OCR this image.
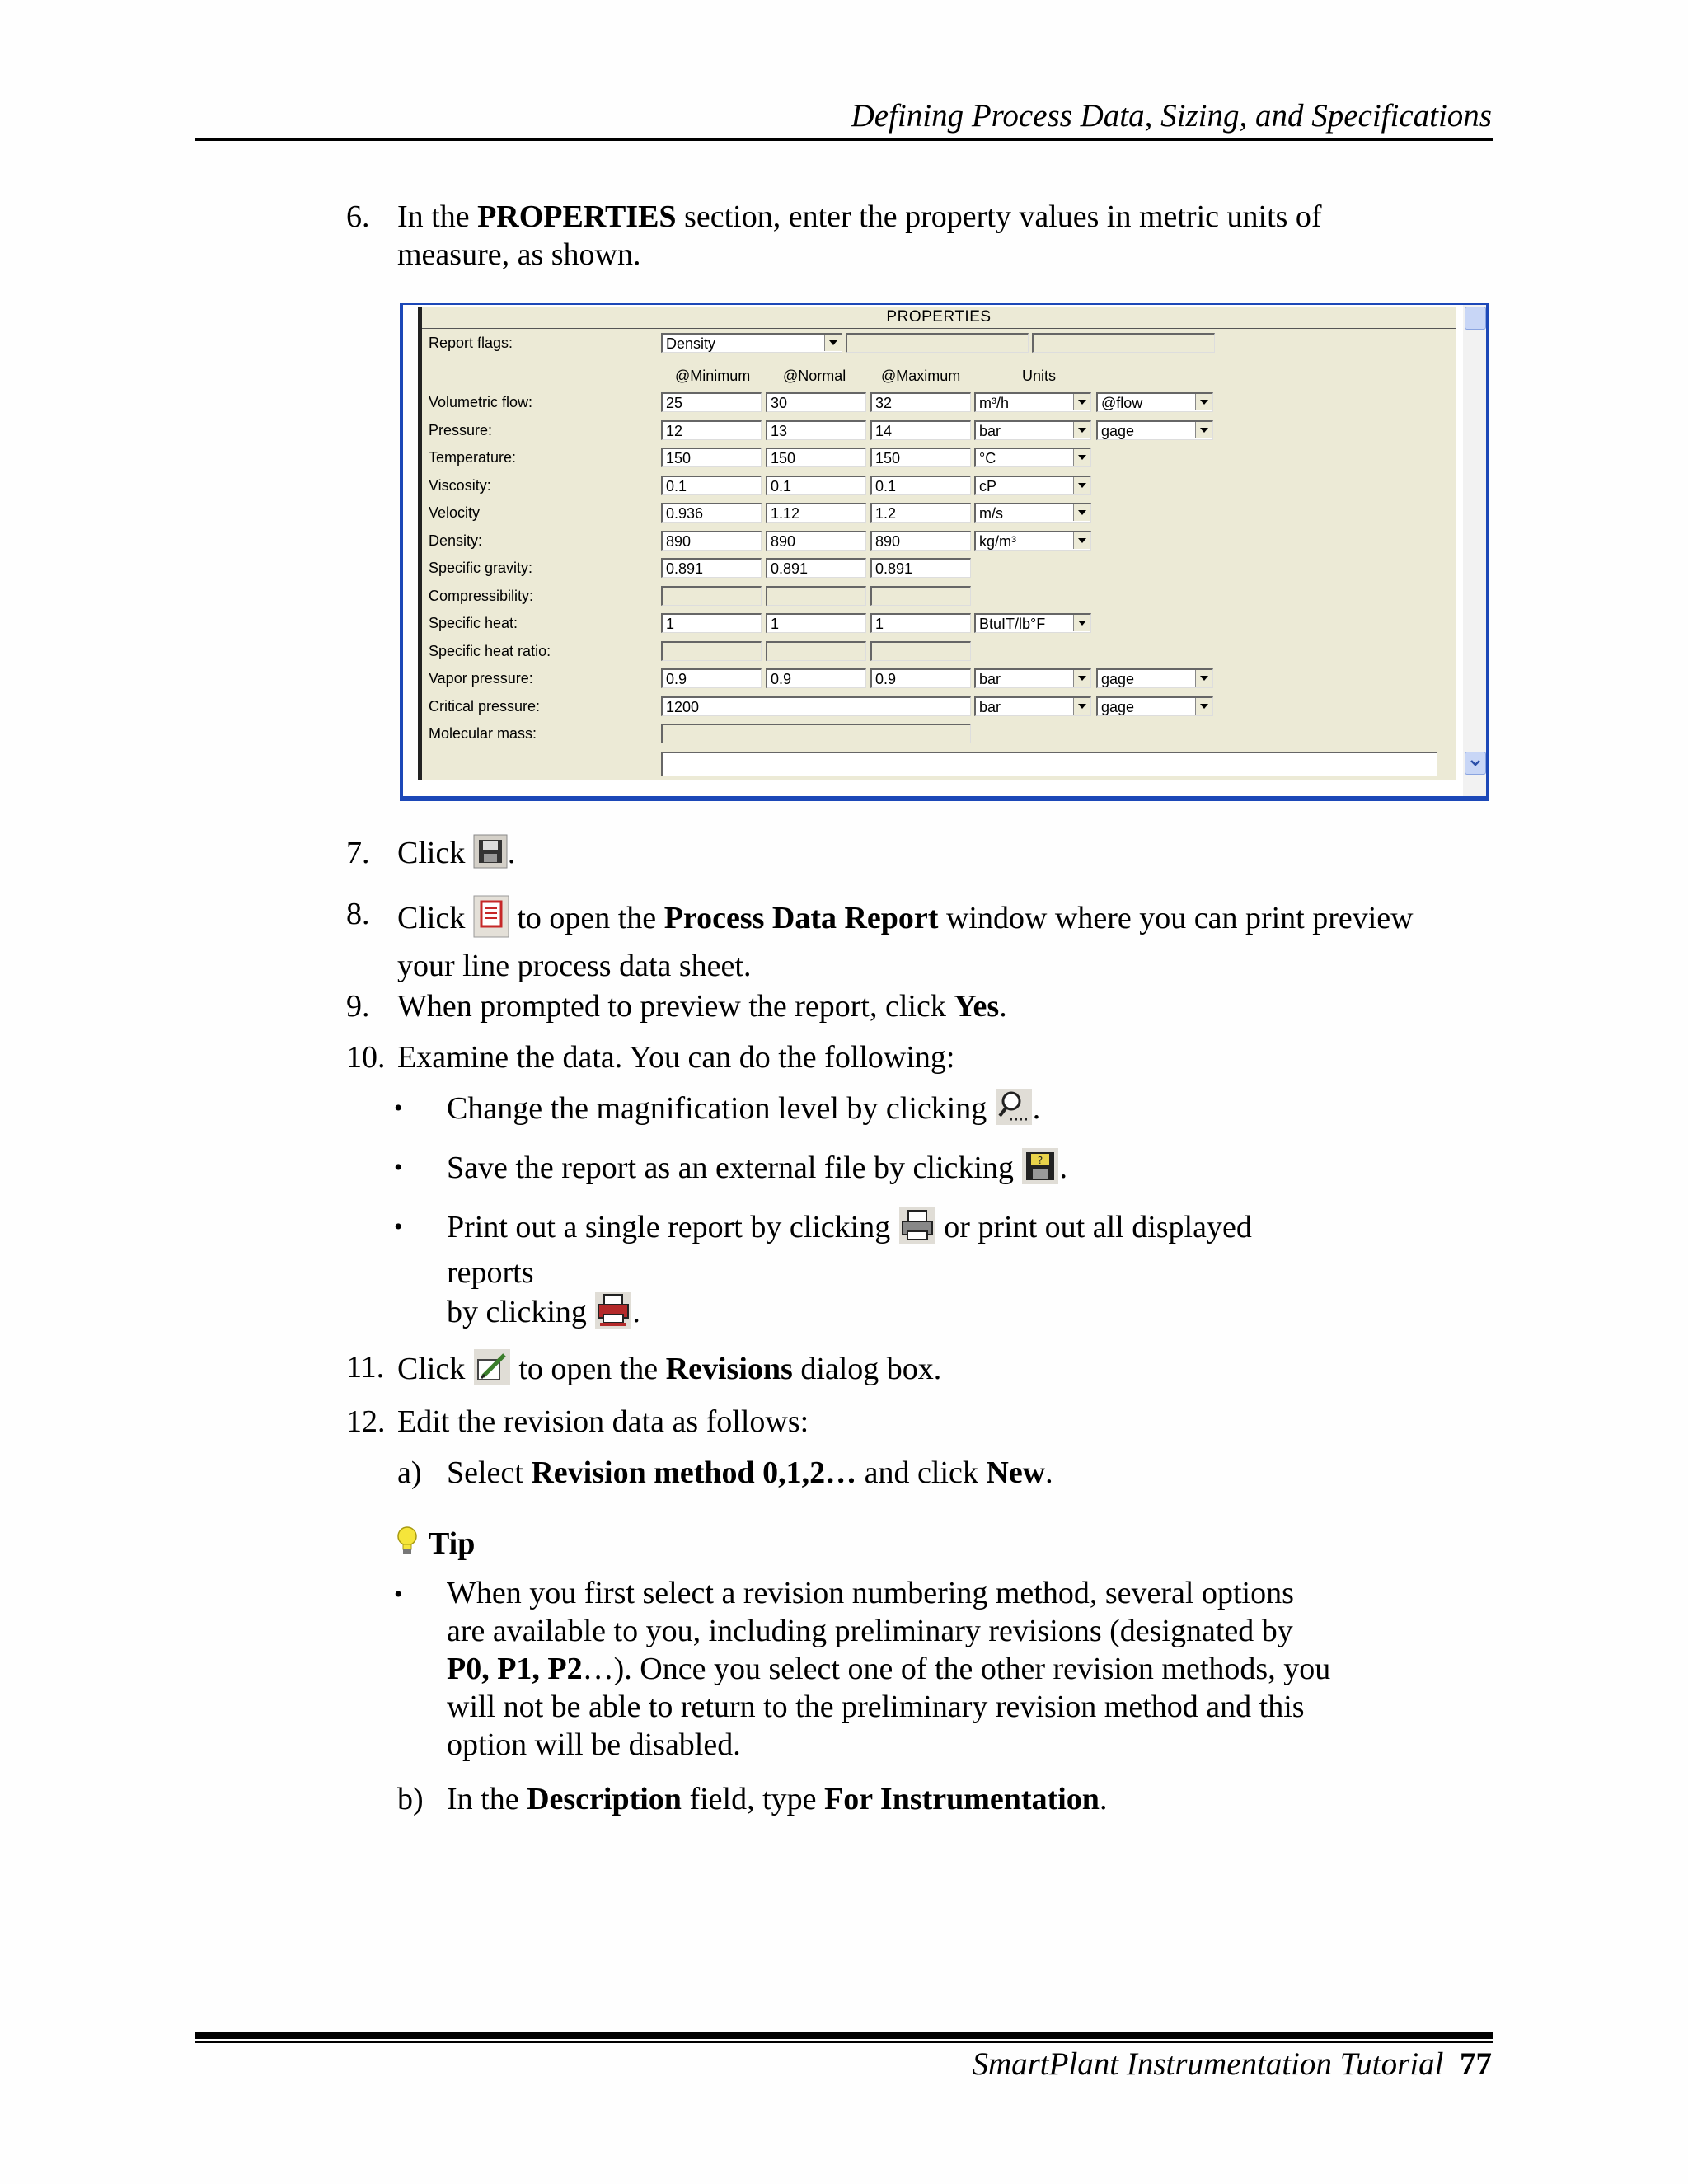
Defining Process Data, Sizing, and Specifications
6. In the PROPERTIES section, enter the property values in metric units of
measure, as shown.
PROPERTIES
Report flags:	Density
@Minimum @Normal @Maximum	Units
Volumetric flow:	25	30	32	m³/h	@flow
Pressure:	12	13	14	bar	gage
Temperature:	150	150	150	°C
Viscosity:	0.1	0.1	0.1	cP
Velocity	0.936	1.12	1.2	m/s
Density:	890	890	890	kg/m³
Specific gravity:	0.891	0.891	0.891
Compressibility:
Specific heat:	1	1	1	BtuIT/lb°F
Specific heat ratio:
Vapor pressure:	0.9	0.9	0.9	bar	gage
Critical pressure:	1200	bar	gage
Molecular mass:
7. Click .
8. Click  to open the Process Data Report window where you can print preview
your line process data sheet.
9. When prompted to preview the report, click Yes.
10. Examine the data. You can do the following:
• Change the magnification level by clicking .
• Save the report as an external file by clicking ? .
• Print out a single report by clicking  or print out all displayed
reports
by clicking .
11. Click  to open the Revisions dialog box.
12. Edit the revision data as follows:
a) Select Revision method 0,1,2… and click New.
Tip
• When you first select a revision numbering method, several options
are available to you, including preliminary revisions (designated by
P0, P1, P2…). Once you select one of the other revision methods, you
will not be able to return to the preliminary revision method and this
option will be disabled.
b) In the Description field, type For Instrumentation.
SmartPlant Instrumentation Tutorial 77
